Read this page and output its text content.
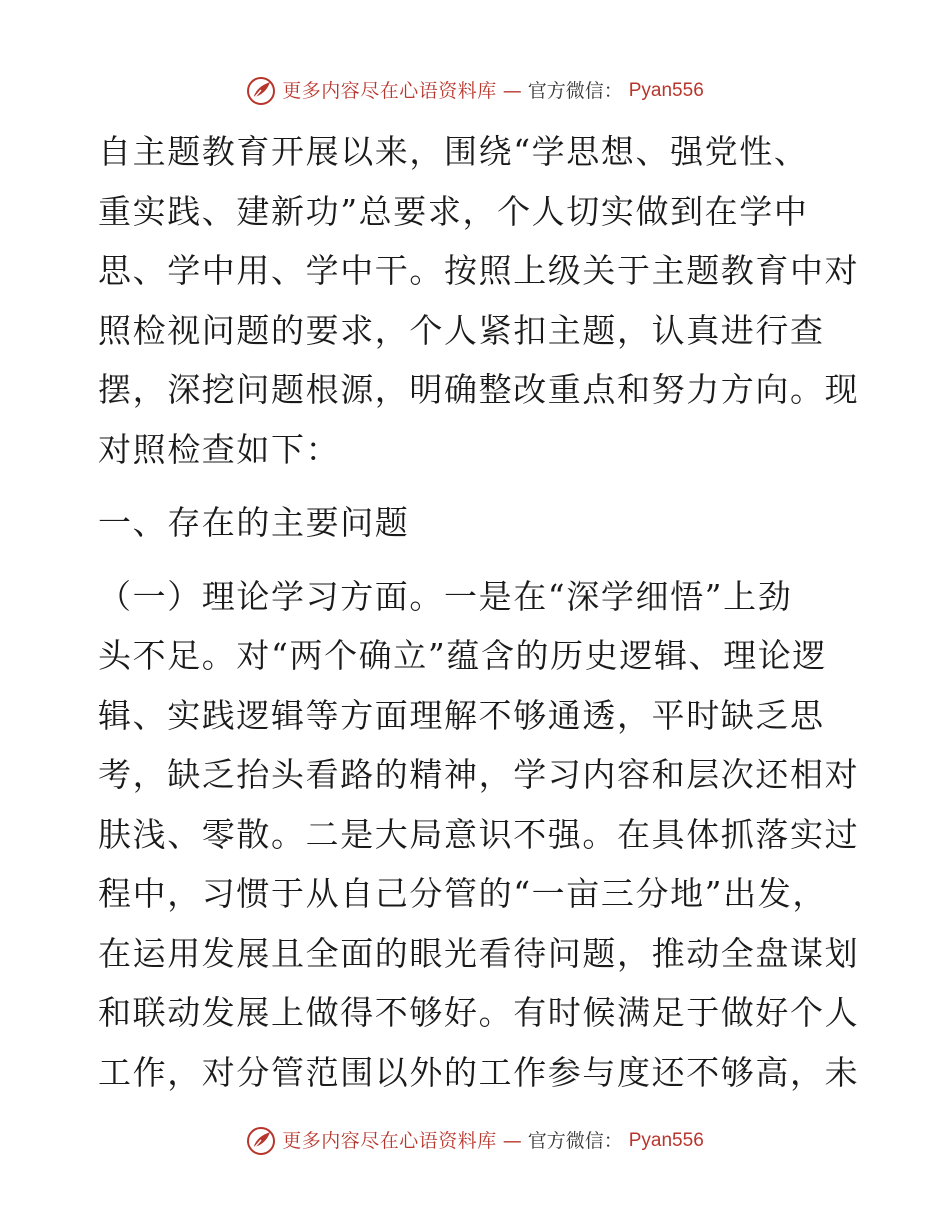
更多内容尽在心语资料库 — 官方微信： Pyan556
自主题教育开展以来，围绕“学思想、强党性、
重实践、建新功”总要求，个人切实做到在学中
思、学中用、学中干。按照上级关于主题教育中对
照检视问题的要求，个人紧扣主题，认真进行查
摆，深挖问题根源，明确整改重点和努力方向。现
对照检查如下：
一、存在的主要问题
（一）理论学习方面。一是在“深学细悟”上劲
头不足。对“两个确立”蕴含的历史逻辑、理论逻
辑、实践逻辑等方面理解不够通透，平时缺乏思
考，缺乏抬头看路的精神，学习内容和层次还相对
肤浅、零散。二是大局意识不强。在具体抓落实过
程中，习惯于从自己分管的“一亩三分地”出发，
在运用发展且全面的眼光看待问题，推动全盘谋划
和联动发展上做得不够好。有时候满足于做好个人
工作，对分管范围以外的工作参与度还不够高，未
更多内容尽在心语资料库 — 官方微信： Pyan556
